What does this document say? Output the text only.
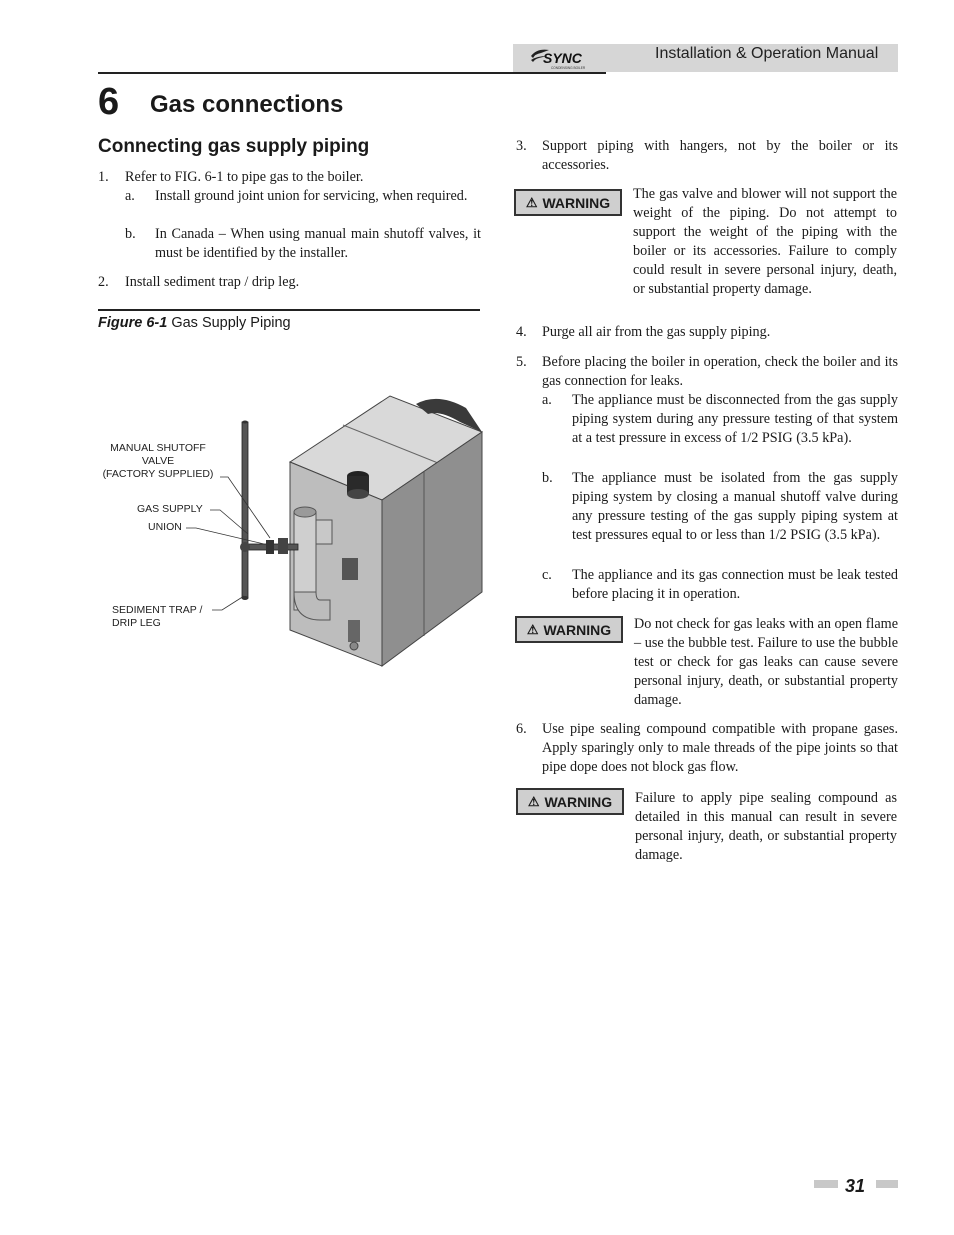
SYNC
CONDENSING BOILER
Installation & Operation Manual
6 Gas connections
Connecting gas supply piping
1. Refer to FIG. 6-1 to pipe gas to the boiler.
a. Install ground joint union for servicing, when required.
b. In Canada – When using manual main shutoff valves, it must be identified by the installer.
2. Install sediment trap / drip leg.
Figure 6-1 Gas Supply Piping
MANUAL SHUTOFF
VALVE
(FACTORY SUPPLIED)
GAS SUPPLY
UNION
SEDIMENT TRAP /
DRIP LEG
3. Support piping with hangers, not by the boiler or its accessories.
⚠ WARNING
The gas valve and blower will not support the weight of the piping. Do not attempt to support the weight of the piping with the boiler or its accessories. Failure to comply could result in severe personal injury, death, or substantial property damage.
4. Purge all air from the gas supply piping.
5. Before placing the boiler in operation, check the boiler and its gas connection for leaks.
a. The appliance must be disconnected from the gas supply piping system during any pressure testing of that system at a test pressure in excess of 1/2 PSIG (3.5 kPa).
b. The appliance must be isolated from the gas supply piping system by closing a manual shutoff valve during any pressure testing of the gas supply piping system at test pressures equal to or less than 1/2 PSIG (3.5 kPa).
c. The appliance and its gas connection must be leak tested before placing it in operation.
⚠ WARNING Do not check for gas leaks with an open flame – use the bubble test. Failure to use the bubble test or check for gas leaks can cause severe personal injury, death, or substantial property damage.
6. Use pipe sealing compound compatible with propane gases. Apply sparingly only to male threads of the pipe joints so that pipe dope does not block gas flow.
⚠ WARNING Failure to apply pipe sealing compound as detailed in this manual can result in severe personal injury, death, or substantial property damage.
31
